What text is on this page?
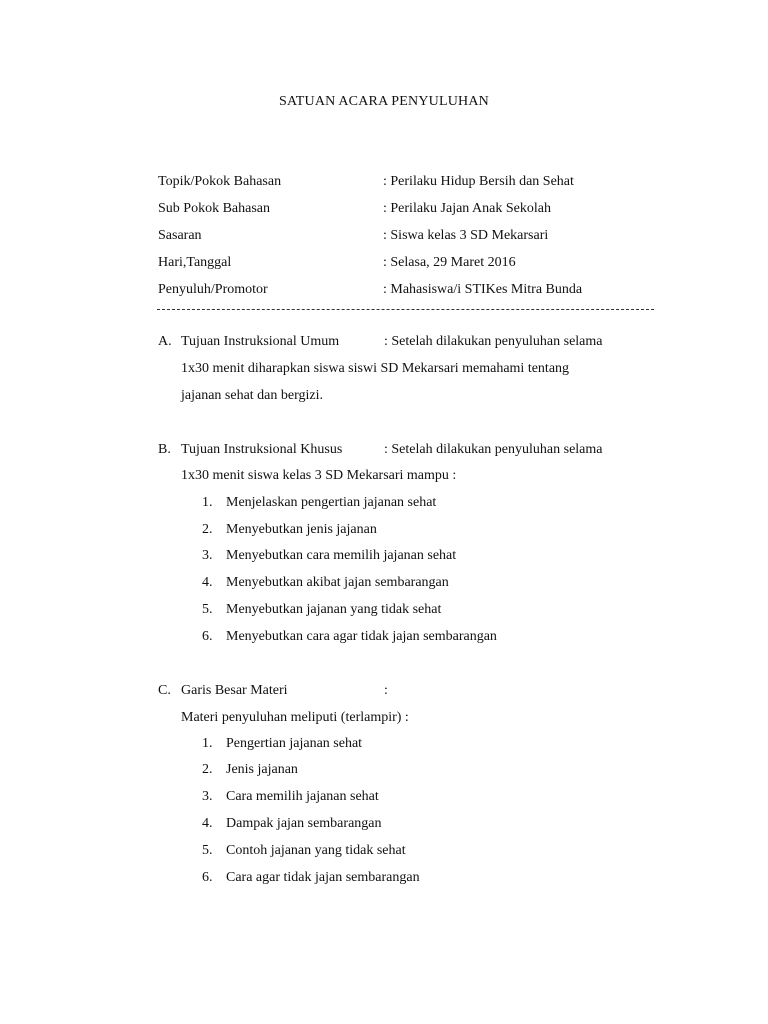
SATUAN ACARA PENYULUHAN
Topik/Pokok Bahasan	: Perilaku Hidup Bersih dan Sehat
Sub Pokok Bahasan	: Perilaku Jajan Anak Sekolah
Sasaran	: Siswa kelas 3 SD Mekarsari
Hari,Tanggal	: Selasa, 29 Maret 2016
Penyuluh/Promotor	: Mahasiswa/i STIKes Mitra Bunda
A. Tujuan Instruksional Umum	: Setelah dilakukan penyuluhan selama
1x30 menit diharapkan siswa siswi SD Mekarsari memahami tentang
jajanan sehat dan bergizi.
B. Tujuan Instruksional Khusus	: Setelah dilakukan penyuluhan selama
1x30 menit siswa kelas 3 SD Mekarsari mampu :
1. Menjelaskan pengertian jajanan sehat
2. Menyebutkan jenis jajanan
3. Menyebutkan cara memilih jajanan sehat
4. Menyebutkan akibat jajan sembarangan
5. Menyebutkan jajanan yang tidak sehat
6. Menyebutkan cara agar tidak jajan sembarangan
C. Garis Besar Materi	:
Materi penyuluhan meliputi (terlampir) :
1. Pengertian jajanan sehat
2. Jenis jajanan
3. Cara memilih jajanan sehat
4. Dampak jajan sembarangan
5. Contoh jajanan yang tidak sehat
6. Cara agar tidak jajan sembarangan
